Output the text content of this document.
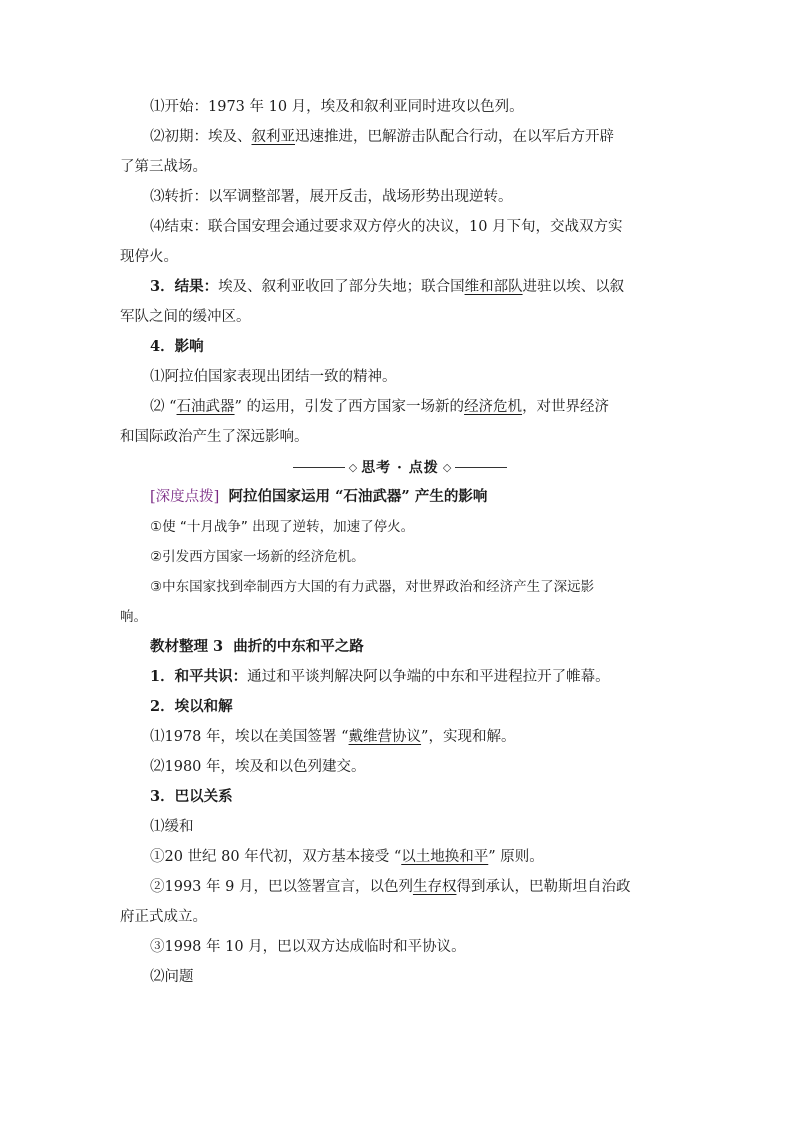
⑴开始：1973 年 10 月，埃及和叙利亚同时进攻以色列。
⑵初期：埃及、叙利亚迅速推进，巴解游击队配合行动，在以军后方开辟
了第三战场。
⑶转折：以军调整部署，展开反击，战场形势出现逆转。
⑷结束：联合国安理会通过要求双方停火的决议，10 月下旬，交战双方实
现停火。
3．结果：埃及、叙利亚收回了部分失地；联合国维和部队进驻以埃、以叙
军队之间的缓冲区。
4．影响
⑴阿拉伯国家表现出团结一致的精神。
⑵ “石油武器” 的运用，引发了西方国家一场新的经济危机，对世界经济
和国际政治产生了深远影响。
◇ 思考 · 点拨 ◇
[深度点拨] 阿拉伯国家运用 “石油武器” 产生的影响
①使 “十月战争” 出现了逆转，加速了停火。
②引发西方国家一场新的经济危机。
③中东国家找到牵制西方大国的有力武器，对世界政治和经济产生了深远影
响。
教材整理 3 曲折的中东和平之路
1．和平共识：通过和平谈判解决阿以争端的中东和平进程拉开了帷幕。
2．埃以和解
⑴1978 年，埃以在美国签署 “戴维营协议”，实现和解。
⑵1980 年，埃及和以色列建交。
3．巴以关系
⑴缓和
①20 世纪 80 年代初，双方基本接受 “以土地换和平” 原则。
②1993 年 9 月，巴以签署宣言，以色列生存权得到承认，巴勒斯坦自治政
府正式成立。
③1998 年 10 月，巴以双方达成临时和平协议。
⑵问题
